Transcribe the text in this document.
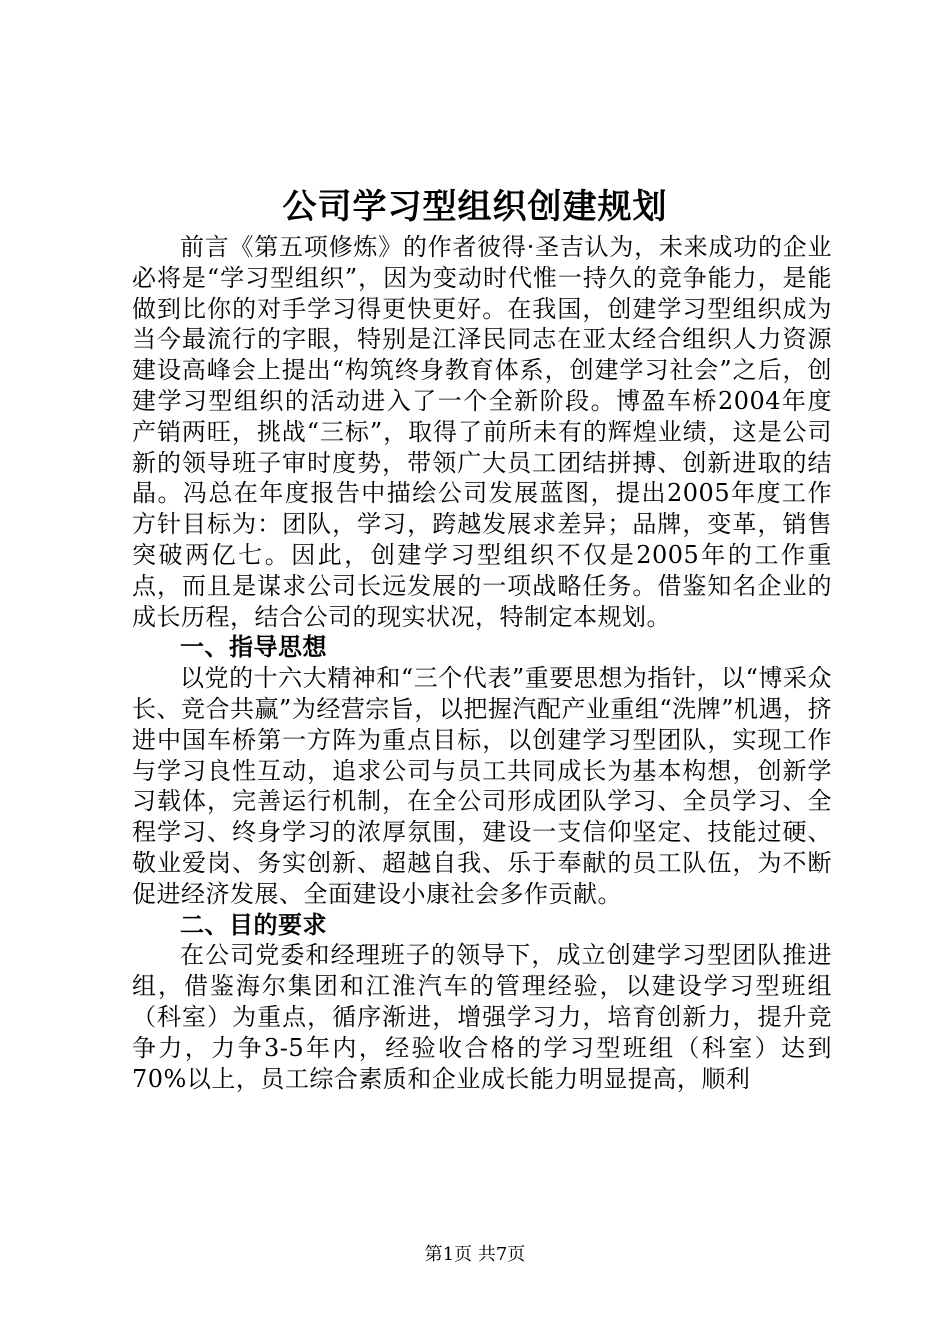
公司学习型组织创建规划

前言《第五项修炼》的作者彼得·圣吉认为，未来成功的企业必将是“学习型组织”，因为变动时代惟一持久的竞争能力，是能做到比你的对手学习得更快更好。在我国，创建学习型组织成为当今最流行的字眼，特别是江泽民同志在亚太经合组织人力资源建设高峰会上提出“构筑终身教育体系，创建学习社会”之后，创建学习型组织的活动进入了一个全新阶段。博盈车桥2004年度产销两旺，挑战“三标”，取得了前所未有的辉煌业绩，这是公司新的领导班子审时度势，带领广大员工团结拼搏、创新进取的结晶。冯总在年度报告中描绘公司发展蓝图，提出2005年度工作方针目标为：团队，学习，跨越发展求差异；品牌，变革，销售突破两亿七。因此，创建学习型组织不仅是2005年的工作重点，而且是谋求公司长远发展的一项战略任务。借鉴知名企业的成长历程，结合公司的现实状况，特制定本规划。

一、指导思想

以党的十六大精神和“三个代表”重要思想为指针，以“博采众长、竞合共赢”为经营宗旨，以把握汽配产业重组“洗牌”机遇，挤进中国车桥第一方阵为重点目标，以创建学习型团队，实现工作与学习良性互动，追求公司与员工共同成长为基本构想，创新学习载体，完善运行机制，在全公司形成团队学习、全员学习、全程学习、终身学习的浓厚氛围，建设一支信仰坚定、技能过硬、敬业爱岗、务实创新、超越自我、乐于奉献的员工队伍，为不断促进经济发展、全面建设小康社会多作贡献。

二、目的要求

在公司党委和经理班子的领导下，成立创建学习型团队推进组，借鉴海尔集团和江淮汽车的管理经验，以建设学习型班组（科室）为重点，循序渐进，增强学习力，培育创新力，提升竞争力，力争3-5年内，经验收合格的学习型班组（科室）达到70%以上，员工综合素质和企业成长能力明显提高，顺利

第1页 共7页
